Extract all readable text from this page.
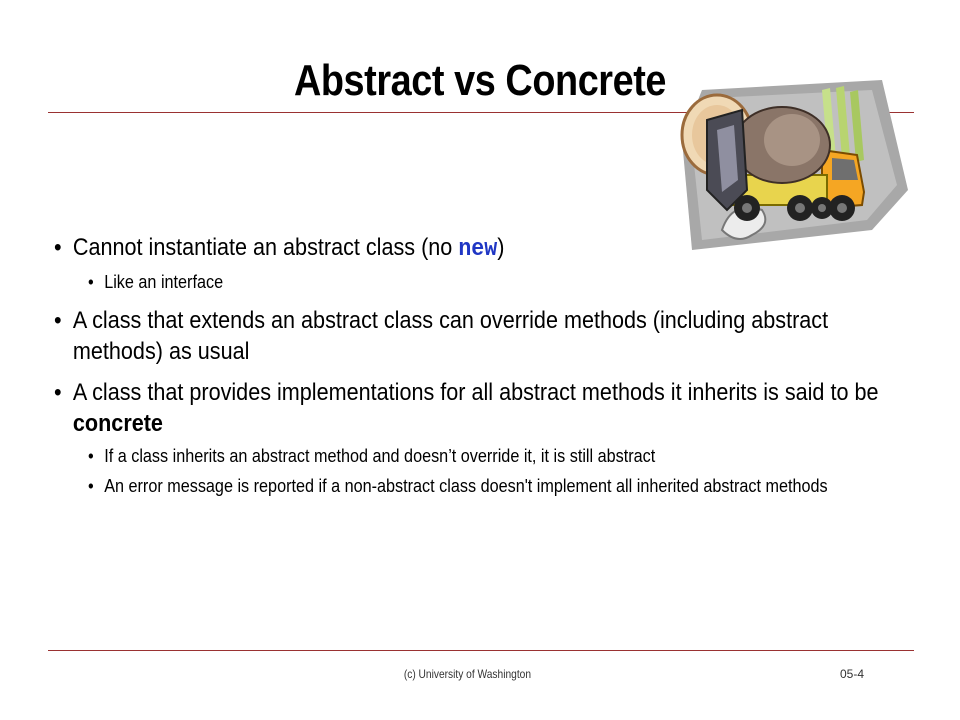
Abstract vs Concrete
• Cannot instantiate an abstract class (no new)
• Like an interface
• A class that extends an abstract class can override methods (including abstract methods) as usual
• A class that provides implementations for all abstract methods it inherits is said to be concrete
• If a class inherits an abstract method and doesn’t override it, it is still abstract
• An error message is reported if a non-abstract class doesn't implement all inherited abstract methods
(c) University of Washington	05-4
